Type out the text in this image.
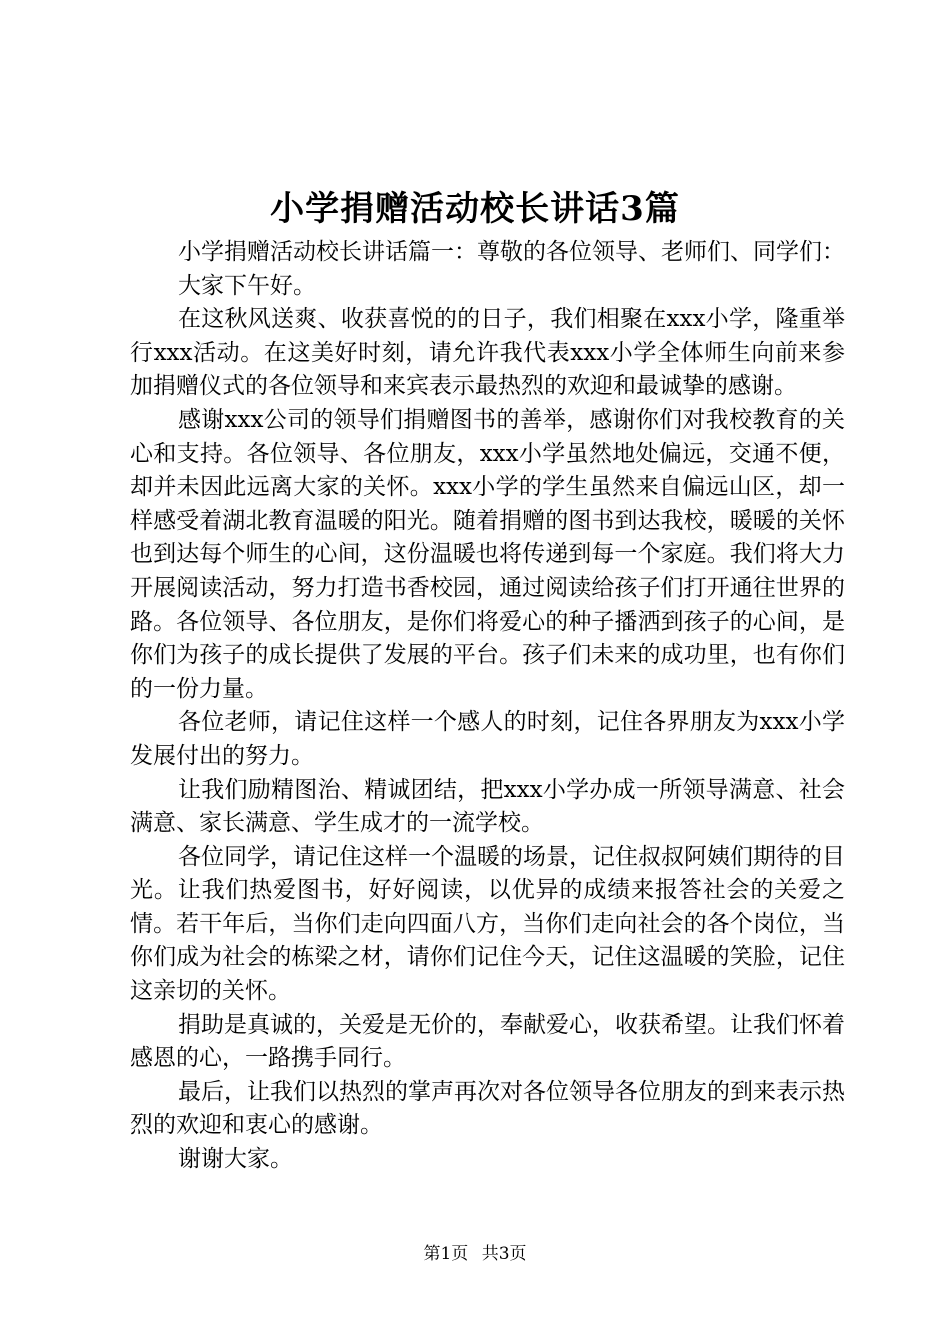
小学捐赠活动校长讲话3篇

小学捐赠活动校长讲话篇一：尊敬的各位领导、老师们、同学们：

大家下午好。

在这秋风送爽、收获喜悦的的日子，我们相聚在xxx小学，隆重举行xxx活动。在这美好时刻，请允许我代表xxx小学全体师生向前来参加捐赠仪式的各位领导和来宾表示最热烈的欢迎和最诚挚的感谢。

感谢xxx公司的领导们捐赠图书的善举，感谢你们对我校教育的关心和支持。各位领导、各位朋友，xxx小学虽然地处偏远，交通不便，却并未因此远离大家的关怀。xxx小学的学生虽然来自偏远山区，却一样感受着湖北教育温暖的阳光。随着捐赠的图书到达我校，暖暖的关怀也到达每个师生的心间，这份温暖也将传递到每一个家庭。我们将大力开展阅读活动，努力打造书香校园，通过阅读给孩子们打开通往世界的路。各位领导、各位朋友，是你们将爱心的种子播洒到孩子的心间，是你们为孩子的成长提供了发展的平台。孩子们未来的成功里，也有你们的一份力量。

各位老师，请记住这样一个感人的时刻，记住各界朋友为xxx小学发展付出的努力。

让我们励精图治、精诚团结，把xxx小学办成一所领导满意、社会满意、家长满意、学生成才的一流学校。

各位同学，请记住这样一个温暖的场景，记住叔叔阿姨们期待的目光。让我们热爱图书，好好阅读，以优异的成绩来报答社会的关爱之情。若干年后，当你们走向四面八方，当你们走向社会的各个岗位，当你们成为社会的栋梁之材，请你们记住今天，记住这温暖的笑脸，记住这亲切的关怀。

捐助是真诚的，关爱是无价的，奉献爱心，收获希望。让我们怀着感恩的心，一路携手同行。

最后，让我们以热烈的掌声再次对各位领导各位朋友的到来表示热烈的欢迎和衷心的感谢。

谢谢大家。

第1页 共3页
